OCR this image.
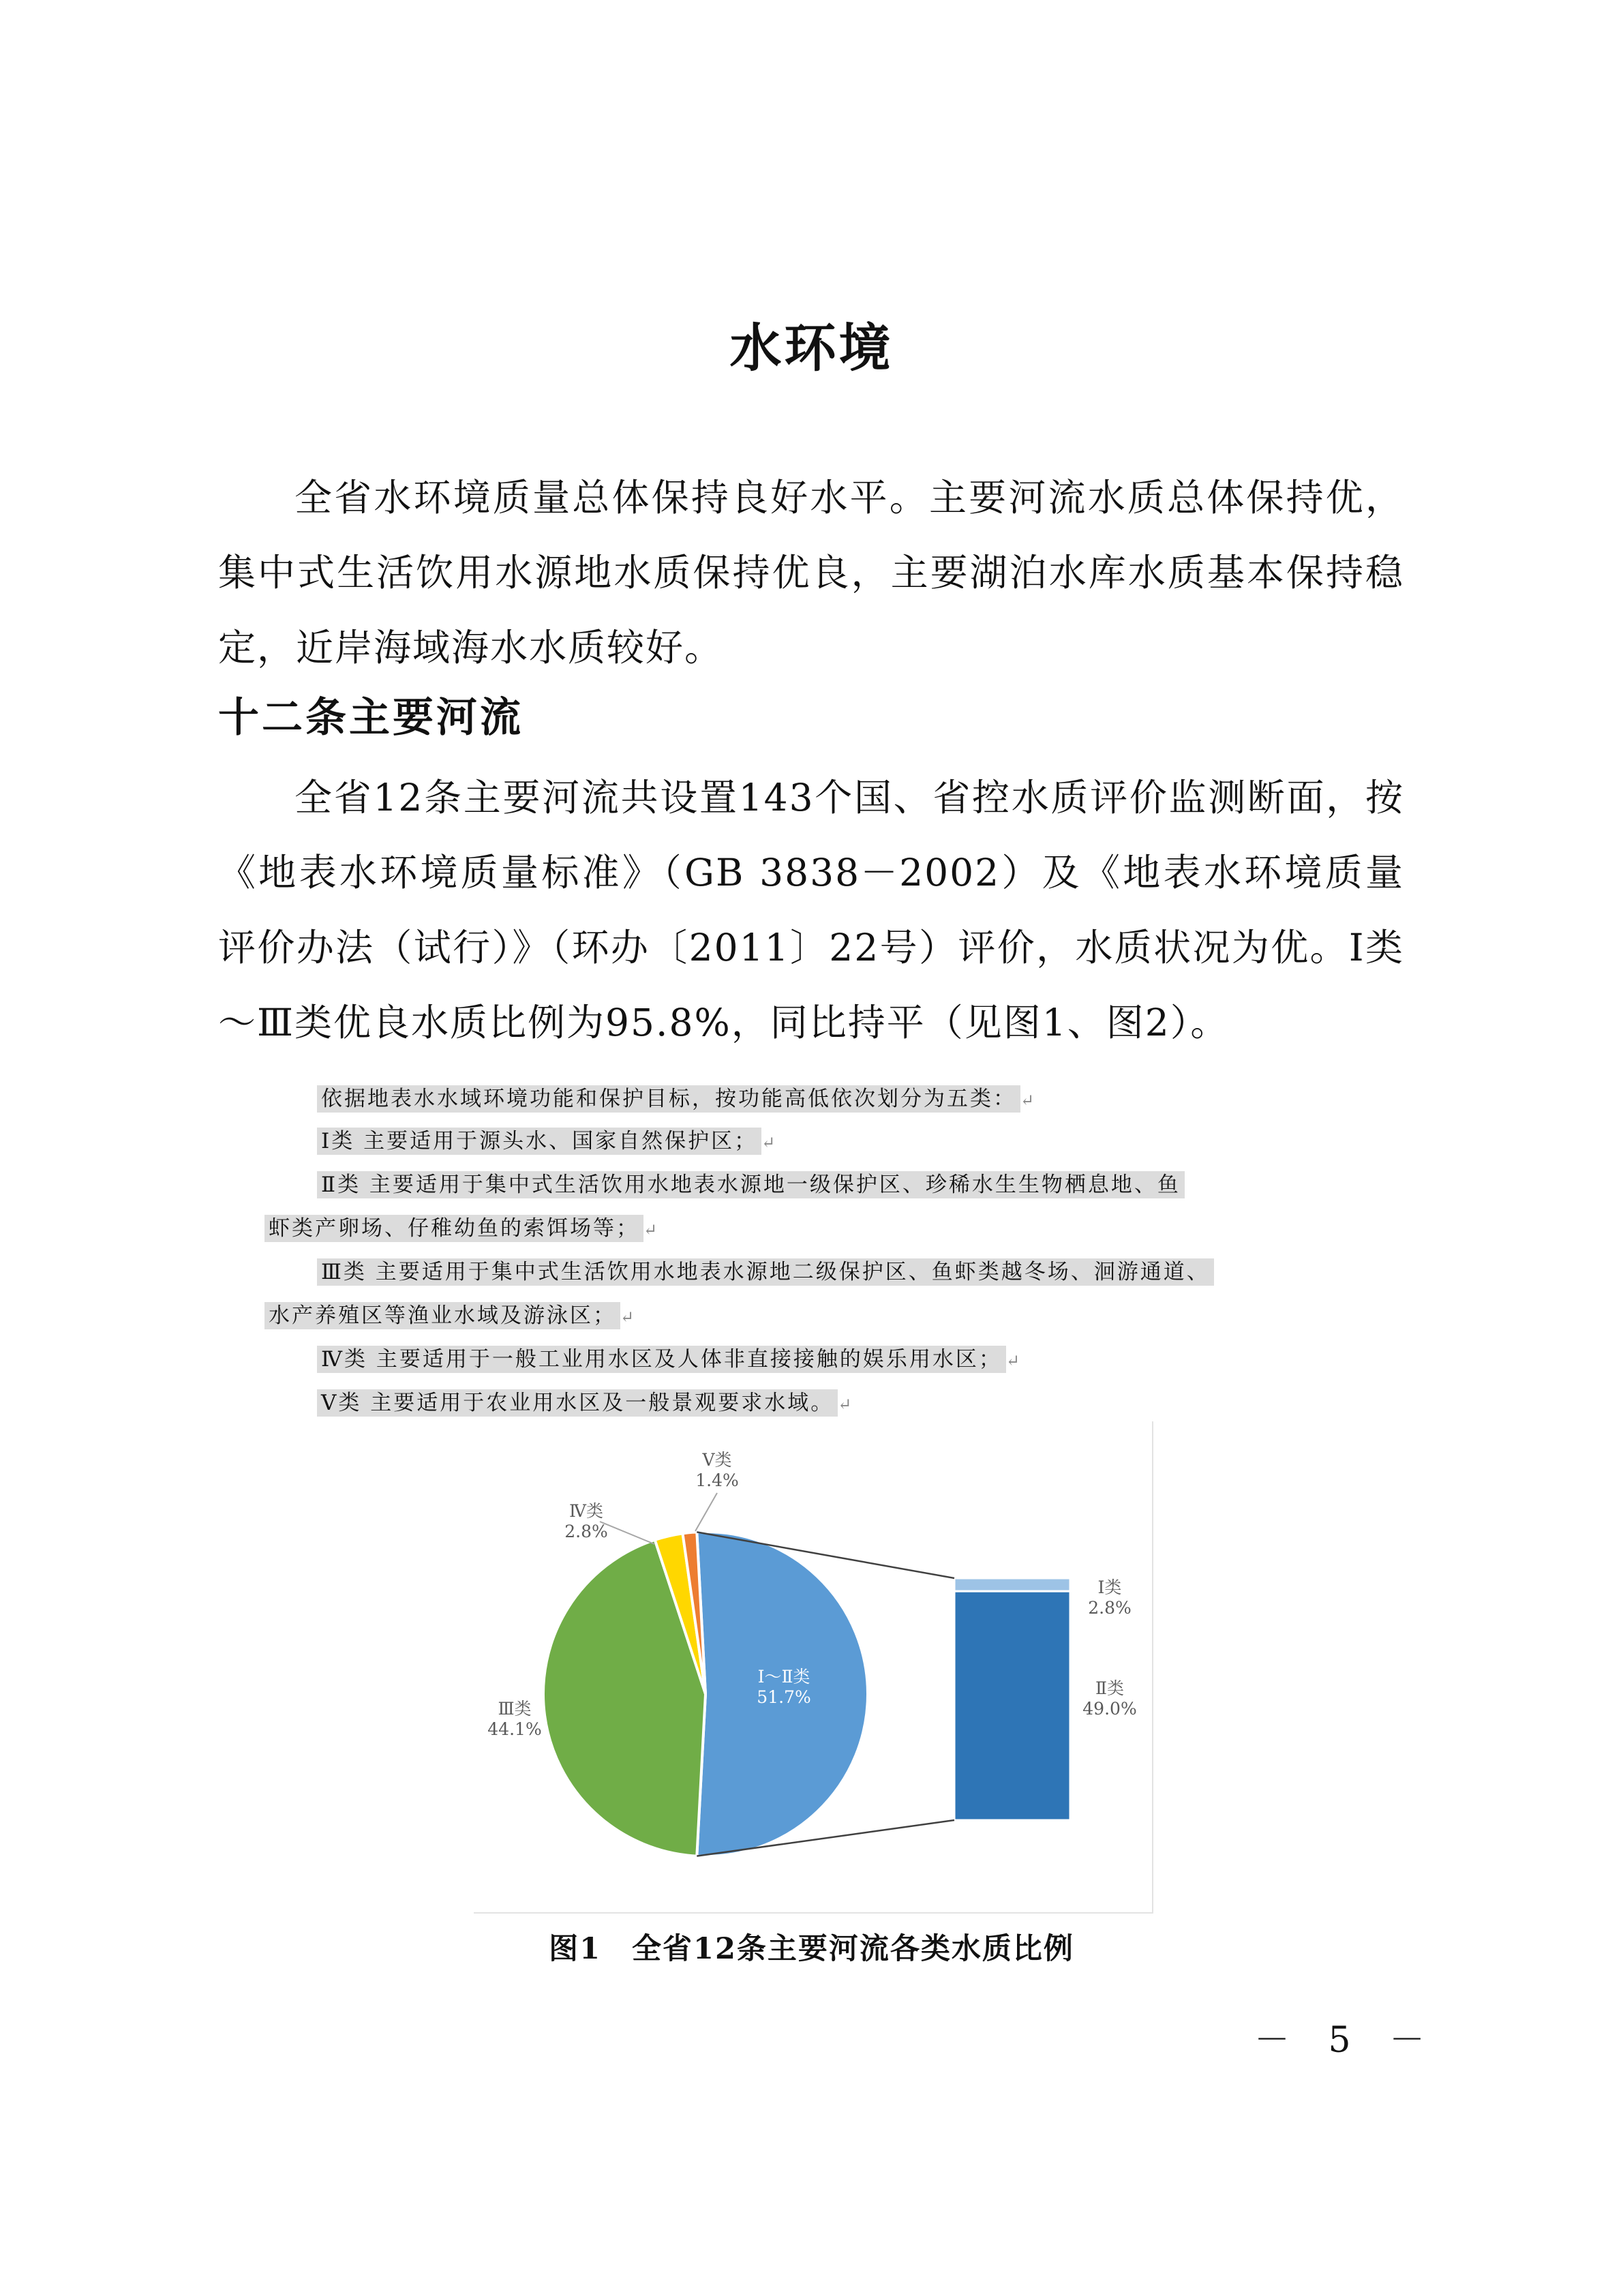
水环境
全省水环境质量总体保持良好水平。主要河流水质总体保持优，集中式生活饮用水源地水质保持优良，主要湖泊水库水质基本保持稳定，近岸海域海水水质较好。
十二条主要河流
全省12条主要河流共设置143个国、省控水质评价监测断面，按《地表水环境质量标准》（GB 3838－2002）及《地表水环境质量评价办法（试行）》（环办〔2011〕22号）评价，水质状况为优。Ⅰ类～Ⅲ类优良水质比例为95.8%，同比持平（见图1、图2）。
依据地表水水域环境功能和保护目标，按功能高低依次划分为五类： ↵
Ⅰ类 主要适用于源头水、国家自然保护区； ↵
Ⅱ类 主要适用于集中式生活饮用水地表水源地一级保护区、珍稀水生生物栖息地、鱼
虾类产卵场、仔稚幼鱼的索饵场等； ↵
Ⅲ类 主要适用于集中式生活饮用水地表水源地二级保护区、鱼虾类越冬场、洄游通道、
水产养殖区等渔业水域及游泳区； ↵
Ⅳ类 主要适用于一般工业用水区及人体非直接接触的娱乐用水区； ↵
Ⅴ类 主要适用于农业用水区及一般景观要求水域。 ↵
Ⅰ～Ⅱ类
51.7%
Ⅲ类
44.1%
Ⅳ类
2.8%
Ⅴ类
1.4%
Ⅰ类
2.8%
Ⅱ类
49.0%
图1　全省12条主要河流各类水质比例
－ 5 －
